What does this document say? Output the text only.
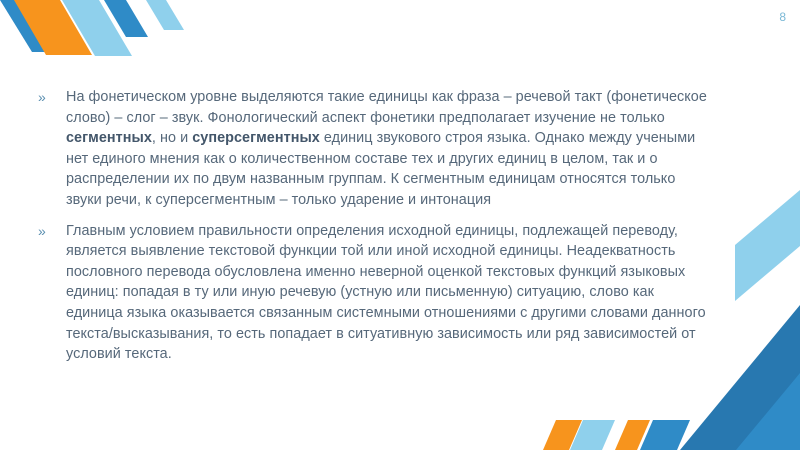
8
» На фонетическом уровне выделяются такие единицы как фраза – речевой такт (фонетическое слово) – слог – звук. Фонологический аспект фонетики предполагает изучение не только сегментных, но и суперсегментных единиц звукового строя языка. Однако между учеными нет единого мнения как о количественном составе тех и других единиц в целом, так и о распределении их по двум названным группам. К сегментным единицам относятся только звуки речи, к суперсегментным – только ударение и интонация
» Главным условием правильности определения исходной единицы, подлежащей переводу, является выявление текстовой функции той или иной исходной единицы. Неадекватность пословного перевода обусловлена именно неверной оценкой текстовых функций языковых единиц: попадая в ту или иную речевую (устную или письменную) ситуацию, слово как единица языка оказывается связанным системными отношениями с другими словами данного текста/высказывания, то есть попадает в ситуативную зависимость или ряд зависимостей от условий текста.
